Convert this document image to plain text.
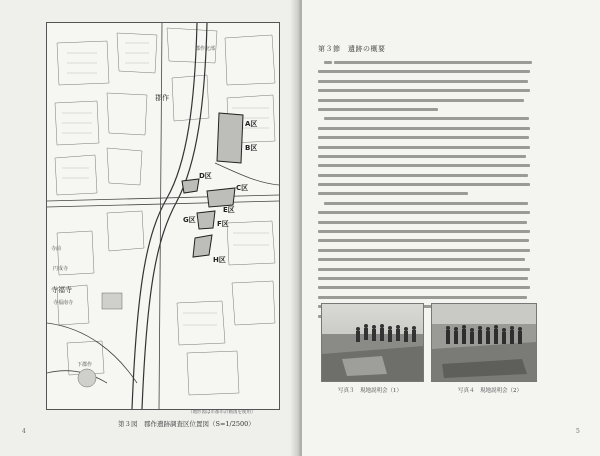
郡作
寺前
円成寺
寺福寺
寺福南寺
郡作北部
下郡作
A区
B区
C区
D区
E区
F区
G区
H区
（地形図は市都市計画図を使用）
第３図　郡作遺跡調査区位置図（S=1/2500）
4
第３節　遺跡の概要

写真３　現地説明会（1）	写真４　現地説明会（2）
5
